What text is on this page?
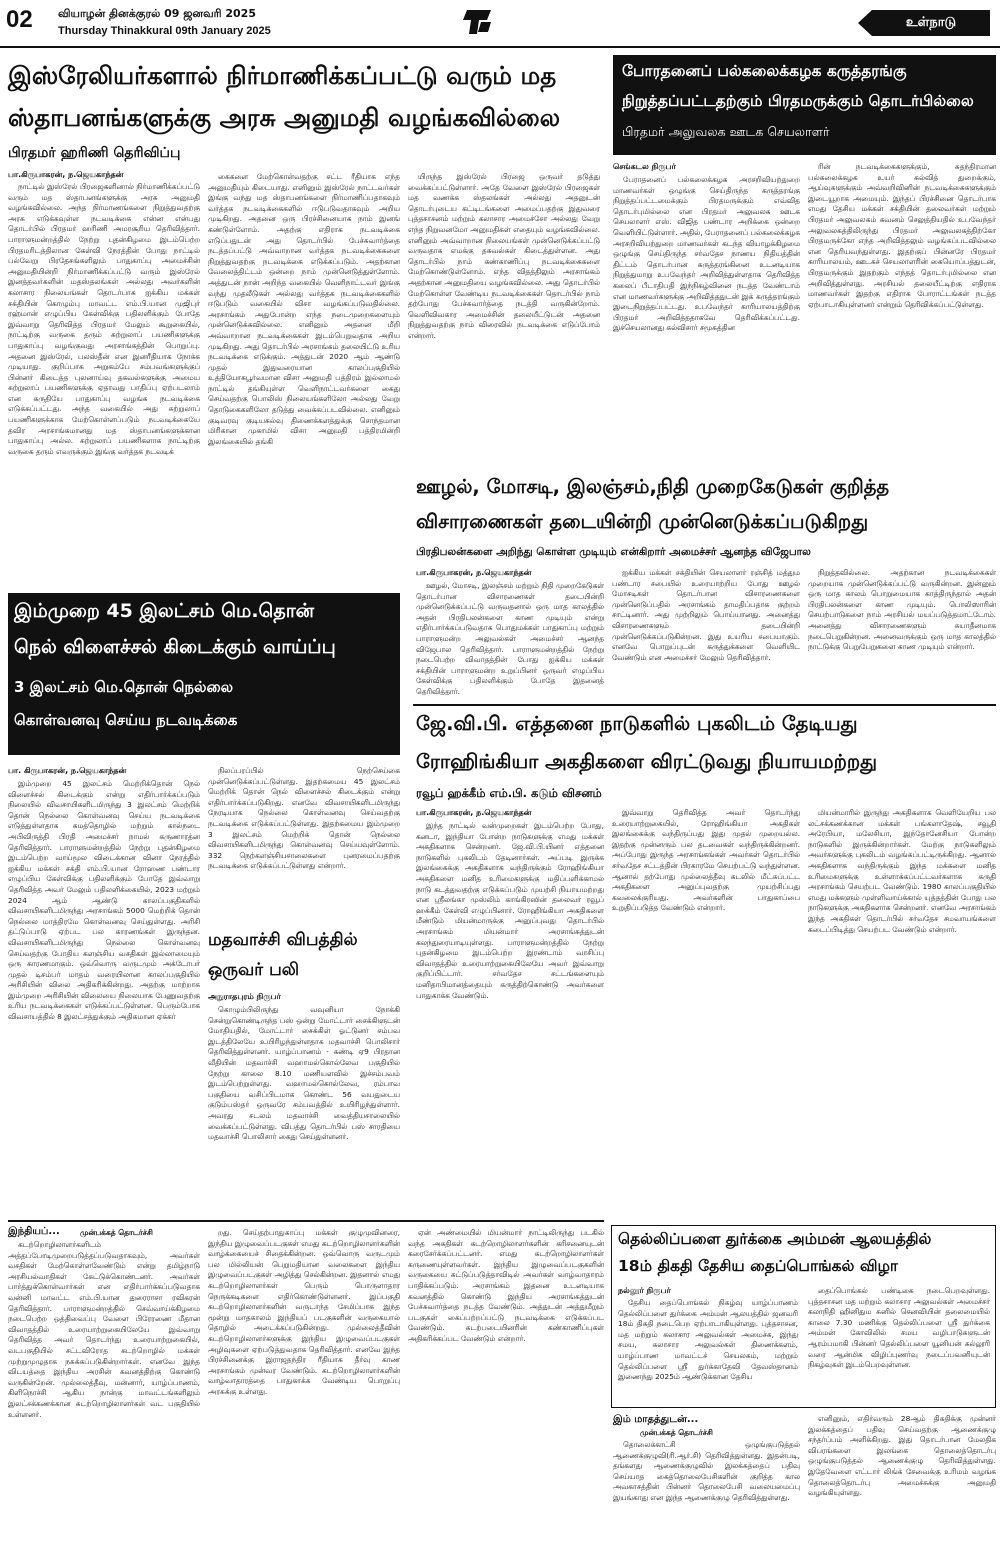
02 வியாழன் தினக்குரல் 09 ஜனவரி 2025
Thursday Thinakkural 09th January 2025
உள்நாடு
இஸ்ரேலியர்களால் நிர்மாணிக்கப்பட்டு வரும் மத
ஸ்தாபனங்களுக்கு அரசு அனுமதி வழங்கவில்லை
பிரதமர் ஹரிணி தெரிவிப்பு
பா.கிருபாகரன், ந.ஜெயகாந்தன்

நாட்டில் இஸ்ரேல் பிரஜைகளினால் நிர்மாணிக்கப்பட்டு வரும் மத ஸ்தாபனங்களுக்கு அரசு அனுமதி வழங்கவில்லை. அந்த நிர்மாணங்களை நிறுத்துவதற்கு அரசு எடுக்கவுள்ள நடவடிக்கை என்ன என்பது தொடர்பில் பிரதமர் ஹரிணி அமரசூரிய தெரிவித்தார். பாராளுமன்றத்தில் நேற்று புதன்கிழமை இடம்பெற்ற பிரதமரிடத்திலான கேள்வி நேரத்தின் போது நாட்டில் பல்வேறு பிரதேசங்களிலும் பாதுகாப்பு அமைச்சின் அனுமதியின்றி நிர்மாணிக்கப்பட்டு வரும் இஸ்ரேல் இனத்தவர்களின் மதஸ்தலங்கள் அல்லது அவர்களின் கலாசார நிலையங்கள் தொடர்பாக ஐக்கிய மக்கள் சக்தியின் கொழும்பு மாவட்ட எம்.பி.யான முஜிபுர் ரஹ்மான் எழுப்பிய கேள்விக்கு பதிலளிக்கும் போதே இவ்வாறு தெரிவித்த பிரதமர் மேலும் கூறுகையில், நாட்டிற்கு வருகை தரும் சுற்றுலாப் பயணிகளுக்கு பாதுகாப்பு வழங்குவது அரசாங்கத்தின் பொறுப்பு. அதனை இஸ்ரேல், பலஸ்தீன் என இனரீதியாக நோக்க முடியாது. குறிப்பாக அறுகம்பே சம்பவங்களுக்குப் பின்னர் கிடைத்த புலனாய்வு தகவல்களுக்கு அமைய சுற்றுலாப் பயணிகளுக்கு ஏதாவது பாதிப்பு ஏற்படலாம் என கருதியே பாதுகாப்பு வழங்க நடவடிக்கை எடுக்கப்பட்டது. அந்த வகையில் அது சுற்றுலாப் பயணிகளுக்காக மேற்கொள்ளப்படும் நடவடிக்கையே தவிர அரசாங்கமானது மத ஸ்தாபனங்களுக்கான பாதுகாப்பு அல்ல. சுற்றுலாப் பயணிகளாக நாட்டிற்கு வருகை தரும் எவருக்கும் இங்கு வர்த்தக நடவடிக்

கைகளை மேற்கொள்வதற்கு சட்ட ரீதியாக எந்த அனுமதியும் கிடையாது. எனினும் இஸ்ரேல் நாட்டவர்கள் இங்கு வந்து மத ஸ்தாபனங்களை நிர்மாணிப்பதாகவும் வர்த்தக நடவடிக்கைகளில் ஈடுபடுவதாகவும் அறிய முடிகிறது. அதனை ஒரு பிரச்சினையாக நாம் இனங் கண்டுள்ளோம். அதற்கு எதிராக நடவடிக்கை எடுப்பதுடன் அது தொடர்பில் பேச்சுவார்த்தை நடத்தப்பட்டு அவ்வாறான வர்த்தக நடவடிக்கைகளை நிறுத்துவதற்கு நடவடிக்கை எடுக்கப்படும். அதற்கான வேலைத்திட்டம் ஒன்றை நாம் முன்னெடுத்துள்ளோம். அத்துடன் நான் அறிந்த வகையில் வெளிநாட்டவர் இங்கு வந்து முதலீடுகள் அல்லது வர்த்தக நடவடிக்கைகளில் ஈடுபடும் வகையில் விசா வழங்கப்படுவதில்லை. அரசாங்கம் அதுபோன்ற எந்த நடைமுறைகளையும் முன்னெடுக்கவில்லை. எனினும் அதனை மீறி அவ்வாறான நடவடிக்கைகள் இடம்பெறுவதாக அறிய முடிகிறது. அது தொடர்பில் அரசாங்கம் தலையிட்டு உரிய நடவடிக்கை எடுக்கும். அத்துடன் 2020 ஆம் ஆண்டு முதல் இதுவரையான காலப்பகுதியில் உத்தியோகபூர்வமான விசா அனுமதி பத்திரம் இல்லாமல் நாட்டில் தங்கியுள்ள வெளிநாட்டவர்களை கைது செய்வதற்கு பொலிஸ் நிலையங்களிலோ அல்லது வேறு தொடுகைகளிலோ தடுத்து வைக்கப்படவில்லை. எனினும் குடிவரவு குடியகல்வு திணைக்களத்துக்கு சொந்தமான மிரிகான முகாமில் விசா அனுமதி பத்திரமின்றி இலங்கையில் தங்கி

யிருந்த இஸ்ரேல் பிரஜை ஒருவர் தடுத்து வைக்கப்பட்டுள்ளார். அதே வேளை இஸ்ரேல் பிரஜைகள் மத வணக்க ஸ்தலங்கள் அல்லது அதனுடன் தொடர்புடைய கட்டிடங்களை அமைப்பதற்கு இதுவரை புத்தசாசனம் மற்றும் கலாசார அமைச்சோ அல்லது வேறு எந்த நிறுவனமோ அனுமதிகள் எதையும் வழங்கவில்லை. எனினும் அவ்வாறான நிலையங்கள் முன்னெடுக்கப்பட்டு வருவதாக எமக்கு தகவல்கள் கிடைத்துள்ளன. அது தொடர்பில் நாம் கண்காணிப்பு நடவடிக்கைகளை மேற்கொண்டுள்ளோம். எந்த விதத்திலும் அரசாங்கம் அதற்கான அனுமதியை வழங்கவில்லை. அது தொடர்பில் மேற்கொள்ள வேண்டிய நடவடிக்கைகள் தொடர்பில் நாம் தற்போது பேச்சுவார்த்தை நடத்தி வருகின்றோம். வெளிவிவகார அமைச்சின் தலையீட்டுடன் அதனை நிறுத்துவதற்கு நாம் விரைவில் நடவடிக்கை எடுப்போம் என்றார்.

போரதனைப் பல்கலைக்கழக கருத்தரங்கு
நிறுத்தப்பட்டதற்கும் பிரதமருக்கும் தொடர்பில்லை
பிரதமர் அலுவலக ஊடக செயலாளர்
செங்கடல நிருபர்

பேராதனைப் பல்கலைக்கழக அரசறிவியற்துறை மாணவர்கள் ஒழுங்கு செய்திருந்த கருத்தரங்கு நிறுத்தப்பட்டமைக்கும் பிரதமருக்கும் எவ்வித தொடர்புமில்லை என பிரதமர் அலுவலக ஊடக செயலாளர் எஸ். விஜித பண்டார அறிக்கை ஒன்றை வெளியிட்டுள்ளார். அதில், பேராதனைப் பல்கலைக்கழக அரசறிவியற்துறை மாணவர்கள் கடந்த வியாழக்கிழமை ஒழுங்கு செய்திருந்த சர்வதேச நாணய நிதியத்தின் திட்டம் தொடர்பான கருத்தரங்கினை உடனடியாக நிறுத்துமாறு உபவேந்தர் அறிவித்துள்ளதாக தெரிவித்த கலைப் பீடாதிபதி இந்நிகழ்வினை நடத்த வேண்டாம் என மாணவர்களுக்கு அறிவித்ததுடன் இக் கருத்தரங்கும் இடைநிறுத்தப்பட்டது. உபவேந்தர் காரியாலயத்திற்கு பிரதமர் அறிவித்ததாகவே தெரிவிக்கப்பட்டது. இச்செயலானது கல்விசார் சமூகத்தின

ரின் நடவடிக்கைகளுக்கும், சுதந்திரமான பல்கலைக்கழக உயர் கல்வித் துறைக்கும், ஆய்வுகளுக்கும் அவ்வறிவினின் நடவடிக்கைகளுக்கும் இடையூறாக அமையும். இந்தப் பிரச்சினை தொடர்பாக எமது தேசிய மக்கள் சக்தியின் தலைவர்கள் மற்றும் பிரதமர் அலுவலகம் கவனம் செலுத்தியதில் உபவேந்தர் அலுவலகத்திலிருந்து பிரதமர் அலுவலகத்திற்கோ பிரதமருக்கோ எந்த அறிவித்தலும் வழங்கப்படவில்லை என தெரியவந்துள்ளது. இதற்குப் பின்னரே பிரதமர் காரியாலயம், ஊடகச் செயலாளரின் கையொப்பத்துடன், பிரதமருக்கும் இதற்கும் எந்தத் தொடர்புமில்லை என அறிவித்துள்ளது. அரசியல் தலையீட்டிற்கு எதிராக மாணவர்கள் இதற்கு எதிராக போராட்டங்கள் நடத்த ஏற்பாடாகியுள்ளனர் என்றும் தெரிவிக்கப்பட்டுள்ளது.

ஊழல், மோசடி, இலஞ்சம்,நிதி முறைகேடுகள் குறித்த
விசாரணைகள் தடையின்றி முன்னெடுக்கப்படுகிறது
பிரதிபலன்களை அறிந்து கொள்ள முடியும் என்கிறார் அமைச்சர் ஆனந்த விஜேபால
பா.கிருபாகரன், ந.ஜெயகாந்தன்

ஊழல், மோசடி, இலஞ்சம் மற்றும் நிதி முறைகேடுகள் தொடர்பான விசாரணைகள் தடையின்றி முன்னெடுக்கப்பட்டு வருவதனால் ஒரு மாத காலத்தில் அதன் பிரதிபலன்களை காண முடியும் என்று எதிர்பார்க்கப்படுவதாக பொதுமக்கள் பாதுகாப்பு மற்றும் பாராளுமன்ற அலுவல்கள் அமைச்சர் ஆனந்த விஜேபால தெரிவித்தார். பாராளுமன்றத்தில் நேற்று நடைபெற்ற விவாதத்தின் போது ஐக்கிய மக்கள் சக்தியின் பாராளுமன்ற உறுப்பினர் ஒருவர் எழுப்பிய கேள்விக்கு பதிலளிக்கும் போதே இதனைத் தெரிவித்தார்.

ஐக்கிய மக்கள் சக்தியின் செயலாளர் ரஞ்சித் மத்தும பண்டார சபையில் உரையாற்றிய போது ஊழல் மோசடிகள் தொடர்பான விசாரணைகளை முன்னெடுப்பதில் அரசாங்கம் தாமதிப்பதாக குற்றம் சாட்டினார். அது முற்றிலும் பொய்யானது. அனைத்து விசாரணைகளும் தடையின்றி முன்னெடுக்கப்படுகின்றன. இது உயரிய சபையாகும். எனவே பொறுப்புடன் கருத்துக்களை வெளியிட வேண்டும் என அமைச்சர் மேலும் தெரிவித்தார்.

நிறுத்தவில்லை. அதற்கான நடவடிக்கைகள் முறையாக முன்னெடுக்கப்பட்டு வருகின்றன. இன்னும் ஒரு மாத காலம் பொறுமையாக காத்திருந்தால் அதன் பிரதிபலன்களை காண முடியும். பொலிஸாரின் செயற்பாடுகளை நாம் அரசியல் மயப்படுத்தமாட்டோம். அனைத்து விசாரணைகளும் சுயாதீனமாக நடைபெறுகின்றன. அனைவருக்கும் ஒரு மாத காலத்தில் நாட்டுக்கு பெறுபேறுகளை காண முடியும் என்றார்.

இம்முறை 45 இலட்சம் மெ.தொன்
நெல் விளைச்சல் கிடைக்கும் வாய்ப்பு
3 இலட்சம் மெ.தொன் நெல்லை
கொள்வனவு செய்ய நடவடிக்கை
பா. கிருபாகரன், ந.ஜெயகாந்தன்

இம்முறை 45 இலட்சம் மெற்றிக்தொன் நெல் விளைச்சல் கிடைக்கும் என்று எதிர்பார்க்கப்படும் நிலையில் விவசாயிகளிடமிருந்து 3 இலட்சம் மெற்றிக் தொன் நெல்லை கொள்வனவு செய்ய நடவடிக்கை எடுத்துள்ளதாக கமத்தொழில் மற்றும் கால்நடை அபிவிருத்தி பிரதி அமைச்சர் நாமல் கருணாரத்ன தெரிவித்தார். பாராளுமன்றத்தில் நேற்று புதன்கிழமை இடம்பெற்ற வாய்மூல விடைக்கான வினா நேரத்தில் ஐக்கிய மக்கள் சக்தி எம்.பி.யான ரோஹண பண்டார எழுப்பிய கேள்விக்கு பதிலளிக்கும் போதே இவ்வாறு தெரிவித்த அவர் மேலும் பதிலளிக்கையில், 2023 மற்றும் 2024 ஆம் ஆண்டு காலப்பகுதிகளில் விவசாயிகளிடமிருந்து அரசாங்கம் 5000 மெற்றிக் தொன் நெல்லை மாத்திரமே கொள்வனவு செய்துள்ளது. அரிசி தட்டுப்பாடு ஏற்பட பல காரணங்கள் இருந்தன. விவசாயிகளிடமிருந்து நெல்லை கொள்வனவு செய்வதற்கு போதிய களஞ்சிய வசதிகள் இல்லாமையும் ஒரு காரணமாகும். ஒவ்வொரு வருடமும் அக்டோபர் முதல் டிசம்பர் மாதம் வரையிலான காலப்பகுதியில் அரிசியின் விலை அதிகரிக்கின்றது. அதற்கு மாற்றாக இம்முறை அரிசியின் விலையை நிலையாக பேணுவதற்கு உரிய நடவடிக்கைகள் எடுக்கப்பட்டுள்ளன. பெரும்போக விவசாயத்தில் 8 இலட்சத்துக்கும் அதிகமான ஏக்கர்

நிலப்பரப்பில் நெற்செய்கை முன்னெடுக்கப்பட்டுள்ளது. இதற்கமைய 45 இலட்சம் மெற்றிக் தொன் நெல் விளைச்சல் கிடைக்கும் என்று எதிர்பார்க்கப்படுகிறது. எனவே விவசாயிகளிடமிருந்து நேரடியாக நெல்லை கொள்வனவு செய்வதற்கு நடவடிக்கை எடுக்கப்பட்டுள்ளது. இதற்கமைய இம்முறை 3 இலட்சம் மெற்றிக் தொன் நெல்லை விவசாயிகளிடமிருந்து கொள்வனவு செய்யவுள்ளோம். 332 நெற்களஞ்சியசாலைகளை புனரமைப்பதற்கு நடவடிக்கை எடுக்கப்பட்டுள்ளது என்றார்.

மதவாச்சி விபத்தில்
ஒருவர் பலி
அநுராதபுரம் நிருபர்

கொழும்பிலிருந்து வவுனியா நோக்கி சென்றுகொண்டிருந்த பஸ் ஒன்று மோட்டார் சைக்கிளுடன் மோதியதில், மோட்டார் சைக்கிள் ஓட்டுனர் சம்பவ இடத்திலேயே உயிரிழந்துள்ளதாக மதவாச்சி பொலிசார் தெரிவித்துள்ளனர். யாழ்ப்பாணம் - கண்டி ஏ9 பிரதான வீதியின் மதவாச்சி வஹாமல்கொல்லேவ பகுதியில் நேற்று காலை 8.10 மணியளவில் இச்சம்பவம் இடம்பெற்றுள்ளது. வஹாமல்கொல்லேவ, ரம்பாவ பகுதியை வசிப்பிடமாக கொண்ட 56 வயதுடைய குடும்பஸ்தர் ஒருவரே சம்பவத்தில் உயிரிழந்துள்ளார். அவரது சடலம் மதவாச்சி வைத்தியசாலையில் வைக்கப்பட்டுள்ளது. விபத்து தொடர்பில் பஸ் சாரதியை மதவாச்சி பொலிசார் கைது செய்துள்ளனர்.

ஜே.வி.பி. எத்தனை நாடுகளில் புகலிடம் தேடியது
ரோஹிங்கியா அகதிகளை விரட்டுவது நியாயமற்றது
ரவூப் ஹக்கீம் எம்.பி. கடும் விசனம்
பா.கிருபாகரன், ந.ஜெயகாந்தன்

இந்த நாட்டில் வன்முறைகள் இடம்பெற்ற போது, கனடா, இந்தியா போன்ற நாடுகளுக்கு எமது மக்கள் அகதிகளாக சென்றனர். ஜே.வி.பி.யினர் எத்தனை நாடுகளில் புகலிடம் தேடினார்கள். அப்படி இருக்க இலங்கைக்கு அகதிகளாக வந்திருக்கும் ரோஹிங்கியா அகதிகளை மனித உரிமைகளுக்கு மதிப்பளிக்காமல் நாடு கடத்துவதற்கு எடுக்கப்படும் முயற்சி நியாயமற்றது என ஸ்ரீலங்கா முஸ்லிம் காங்கிரஸின் தலைவர் ரவூப் ஹக்கீம் கேள்வி எழுப்பினார். ரோஹிங்கியா அகதிகளை மீண்டும் மியன்மாருக்கு அனுப்புவது தொடர்பில் அரசாங்கம் மியன்மார் அரசாங்கத்துடன் கலந்துரையாடியுள்ளது. பாராளுமன்றத்தில் நேற்று புதன்கிழமை இடம்பெற்ற இரண்டாம் வாசிப்பு விவாதத்தில் உரையாற்றுகையிலேயே அவர் இவ்வாறு குறிப்பிட்டார். சர்வதேச சட்டங்களையும் மனிதாபிமானத்தையும் கருத்திற்கொண்டு அவர்களை பாதுகாக்க வேண்டும்.

இவ்வாறு தெரிவித்த அவர் தொடர்ந்து உரையாற்றுகையில், ரோஹிங்கியா அகதிகள் இலங்கைக்கு வந்திருப்பது இது முதல் முறையல்ல. இதற்கு முன்னரும் பல தடவைகள் வந்திருக்கின்றனர். அப்போது இருந்த அரசாங்கங்கள் அவர்கள் தொடர்பில் சர்வதேச சட்டத்தின் பிரகாரமே செயற்பட்டு வந்துள்ளன. ஆனால் தற்போது முல்லைத்தீவு கடலில் மீட்கப்பட்ட அகதிகளை அனுப்புவதற்கு முயற்சிப்பது கவலைக்குரியது. அவர்களின் பாதுகாப்பை உறுதிப்படுத்த வேண்டும் என்றார்.

மியன்மாரில் இருந்து அகதிகளாக வெளியேறிய பல லட்சக்கணக்கான மக்கள் பங்களாதேஷ், சவூதி அரேபியா, மலேசியா, இந்தோனேசியா போன்ற நாடுகளில் இருக்கின்றார்கள். மேற்கு நாடுகளிலும் அவர்களுக்கு புகலிடம் வழங்கப்பட்டிருக்கிறது. ஆனால் அகதிகளாக வந்திருக்கும் இந்த மக்களை மனித உரிமைகளுக்கு உள்ளாக்கப்பட்டவர்களாக கருதி அரசாங்கம் செயற்பட வேண்டும். 1980 காலப்பகுதியில் எமது மக்களும் முள்ளிவாய்க்கால் யுத்தத்தின் போது பல நாடுகளுக்கு அகதிகளாக சென்றனர். எனவே அரசாங்கம் இந்த அகதிகள் தொடர்பில் சர்வதேச சமவாயங்களை கடைப்பிடித்து செயற்பட வேண்டும் என்றார்.

தெல்லிப்பளை துர்க்கை அம்மன் ஆலயத்தில்
18ம் திகதி தேசிய தைப்பொங்கல் விழா
நல்லூர் நிருபர்

தேசிய தைப்பொங்கல் நிகழ்வு யாழ்ப்பாணம் தெல்லிப்பளை துர்க்கை அம்மன் ஆலயத்தில் ஜனவரி 18ம் திகதி நடைபெற ஏற்பாடாகியுள்ளது. புத்தசாசன, மத மற்றும் கலாசார அலுவல்கள் அமைச்சு, இந்து சமய, கலாசார அலுவல்கள் திணைக்களம், யாழ்ப்பாண மாவட்டச் செயலகம், மற்றும் தெல்லிப்பளை ஸ்ரீ துர்க்காதேவி தேவஸ்தானம் இணைந்து 2025ம் ஆண்டுக்கான தேசிய

தைப்பொங்கல் பண்டிகை நடைபெறவுள்ளது. புத்தசாசன மத மற்றும் கலாசார அலுவல்கள் அமைச்சர் கலாநிதி ஹினிதும சுனில் செனவியின் தலைமையில் காலை 7.30 மணிக்கு தெல்லிப்பளை ஸ்ரீ துர்க்கை அம்மன் கோவிலில் சமய வழிபாடுகளுடன் ஆரம்பமாகி பின்னர் தெல்லிப்பளை யூனியன் கல்லூரி வரை ஆன்மிக விழிப்புணர்வு நடைப்பவனியுடன் நிகழ்வுகள் இடம்பெறவுள்ளன.

இந்தியப்...	முன்பக்கத் தொடர்ச்சி

கடற்றொழிலாளர்களிடம் அத்தப்போடிமுறைபடுத்தப்படுவதாகவும், அவர்கள் வசதிகள் மேற்கொள்ளவேண்டும் என்று தமிழ்நாடு அரசியல்வாதிகள் கேட்டுக்கொண்டனர். அவர்கள் பார்த்துக்கொள்வார்கள் என எதிர்பார்க்கப்படுவதாக வன்னி மாவட்ட எம்.பி.யான துரைராசா ரவிகரன் தெரிவித்தார். பாராளுமன்றத்தில் செவ்வாய்க்கிழமை நடைபெற்ற ஒத்திவைப்பு வேளை பிரேரணை மீதான விவாதத்தில் உரையாற்றுகையிலேயே இவ்வாறு தெரிவித்த அவர் தொடர்ந்து உரையாற்றுகையில், வடபகுதியில் சட்டவிரோத கடற்றொழில் மக்கள் முற்றுமுழுதாக நசுக்கப்படுகின்றார்கள். எனவே இந்த விடயத்தை இந்திய அரசின் கவனத்திற்கு கொண்டு வருகின்றேன். முல்லைத்தீவு, மன்னார், யாழ்ப்பாணம், கிளிநொச்சி ஆகிய நான்கு மாவட்டங்களிலும் இலட்சக்கணக்கான கடற்றொழிலாளர்கள் வட பகுதியில் உள்ளனர்.

றது. செய்தற்பாதுகாப்பு மக்கள் குழுமுவினரை, இந்திய இழுவைப்படகுகள் எமது கடற்றொழிலாளர்களின் வாழ்க்கையைச் சிதைக்கின்றன. ஒவ்வொரு வருடமும் பல மில்லியன் பெறுமதியான வலைகளை இந்திய இழுவைப்படகுகள் அழித்து செல்கின்றன. இதனால் எமது கடற்றொழிலாளர்கள் பெரும் பொருளாதார நெருக்கடிகளை எதிர்கொண்டுள்ளனர். இப்பகுதி கடற்றொழிலாளர்களின் வருடாந்த சேமிப்பாக இந்த மூன்று மாதகாலம் இந்தியப் படகுகளின் வருகையால் தொழில் அடைக்கப்படுகின்றது. முல்லைத்தீவின் கடற்றொழிலாளர்களுக்கு இந்திய இழுவைப்படகுகள் அழிவுகளை ஏற்படுத்துவதாக தெரிவித்தார். எனவே இந்த பிரச்சினைக்கு இராஜதந்திர ரீதியாக தீர்வு காண அரசாங்கம் முன்வர வேண்டும். கடற்றொழிலாளர்களின் வாழ்வாதாரத்தை பாதுகாக்க வேண்டிய பொறுப்பு அரசுக்கு உள்ளது.

ஏன் அண்மையில் மியன்மார் நாட்டிலிருந்து படகில் வந்த அகதிகள் கடற்றொழிலாளர்களின் கரிசனையுடன் கரைசேர்க்கப்பட்டனர். எமது கடற்றொழிலாளர்கள் கருணையுள்ளவர்கள். இந்திய இழுவைப்படகுகளின் வருகையை கட்டுப்படுத்தாவிடில் அவர்கள் வாழ்வாதாரம் பாதிக்கப்படும். அரசாங்கம் இதனை உடனடியாக கவனத்தில் கொண்டு இந்திய அரசாங்கத்துடன் பேச்சுவார்த்தை நடத்த வேண்டும். அத்துடன் அத்துமீறும் படகுகள் கைப்பற்றப்பட்டு நடவடிக்கை எடுக்கப்பட வேண்டும். கடற்படையினரின் கண்காணிப்புகள் அதிகரிக்கப்பட வேண்டும் என்றார்.

இம் மாதத்துடன்...
முன்பக்கத் தொடர்ச்சி

தொலைக்காட்சி ஒழுங்குபடுத்தல் ஆணைக்குழுவி(ரி.ஆர்.சி) தெரிவித்துள்ளது. இதன்படி, தங்களது ஆணைக்குழுவில் இலக்கத்தைப் பதிவு செய்யாத கைத்தொலைபேசிகளின் குறித்த கால அவகாசத்தின் பின்னர் தொலைபேசி வலையமைப்பு இயங்காது என இந்த ஆணைக்குழு தெரிவித்துள்ளது.

எனினும், எதிர்வரும் 28ஆம் திகதிக்கு முன்னர் இலக்கத்தைப் பதிவு செய்வதற்கு ஆணைக்குழு சந்தர்ப்பம் அளிக்கிறது. இது தொடர்பான மேலதிக விபரங்களை இலங்கை தொலைத்தொடர்பு ஒழுங்குபடுத்தல் ஆணைக்குழு தெரிவித்துள்ளது. இதேவேளை எட்டார் லிங்க் சேவைக்கு உரிமம் வழங்க தொலைத்தொடர்பு அமைச்சுக்கு அனுமதி வழங்கியுள்ளது.
